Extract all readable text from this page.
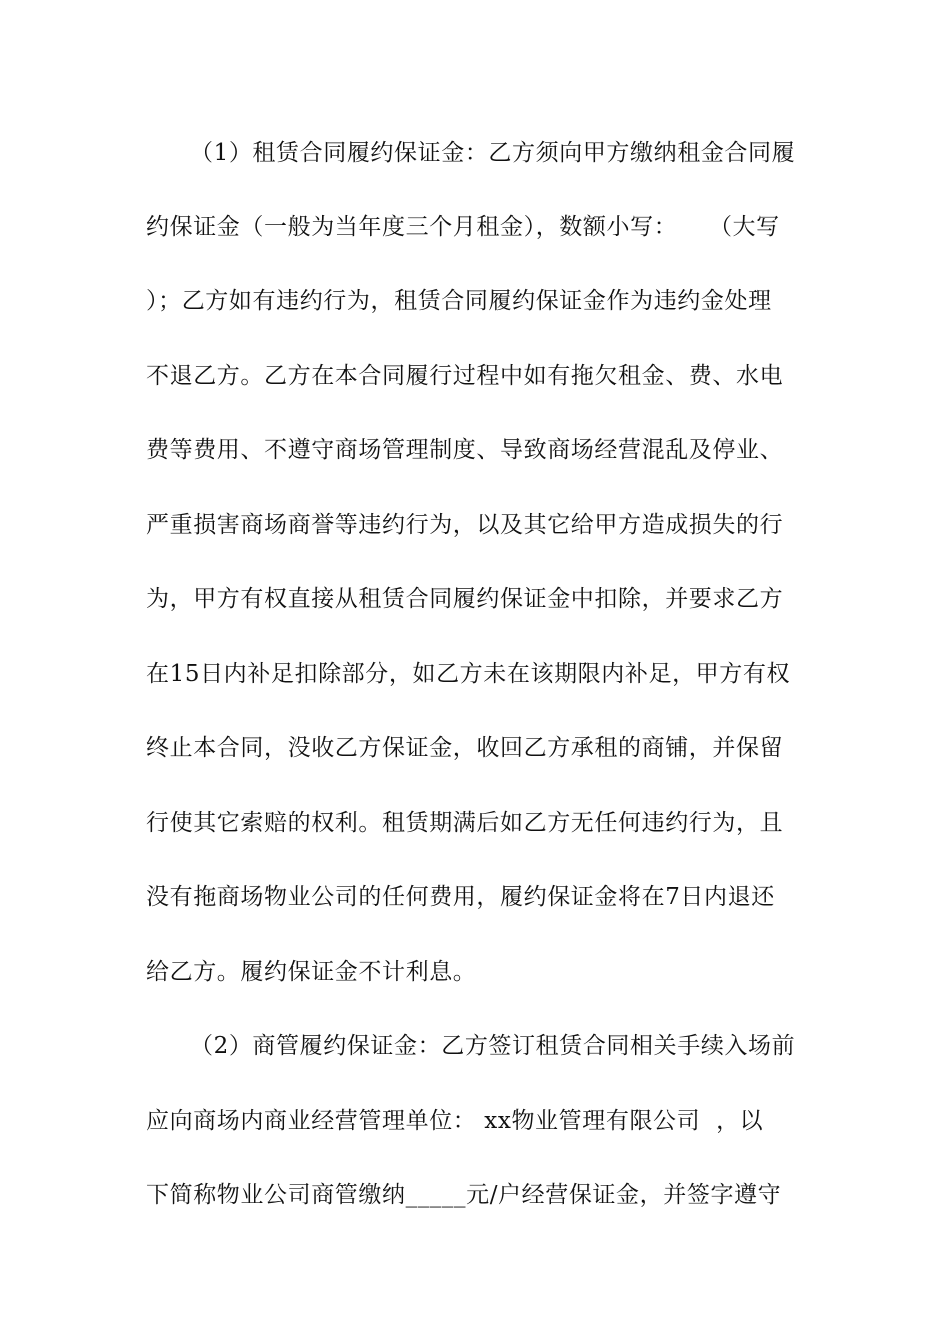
（1）租赁合同履约保证金：乙方须向甲方缴纳租金合同履
约保证金（一般为当年度三个月租金），数额小写：    （大写
）；乙方如有违约行为，租赁合同履约保证金作为违约金处理
不退乙方。乙方在本合同履行过程中如有拖欠租金、费、水电
费等费用、不遵守商场管理制度、导致商场经营混乱及停业、
严重损害商场商誉等违约行为，以及其它给甲方造成损失的行
为，甲方有权直接从租赁合同履约保证金中扣除，并要求乙方
在15日内补足扣除部分，如乙方未在该期限内补足，甲方有权
终止本合同，没收乙方保证金，收回乙方承租的商铺，并保留
行使其它索赔的权利。租赁期满后如乙方无任何违约行为，且
没有拖商场物业公司的任何费用，履约保证金将在7日内退还
给乙方。履约保证金不计利息。
（2）商管履约保证金：乙方签订租赁合同相关手续入场前
应向商场内商业经营管理单位： xx物业管理有限公司  ，以
下简称物业公司商管缴纳_____元/户经营保证金，并签字遵守
